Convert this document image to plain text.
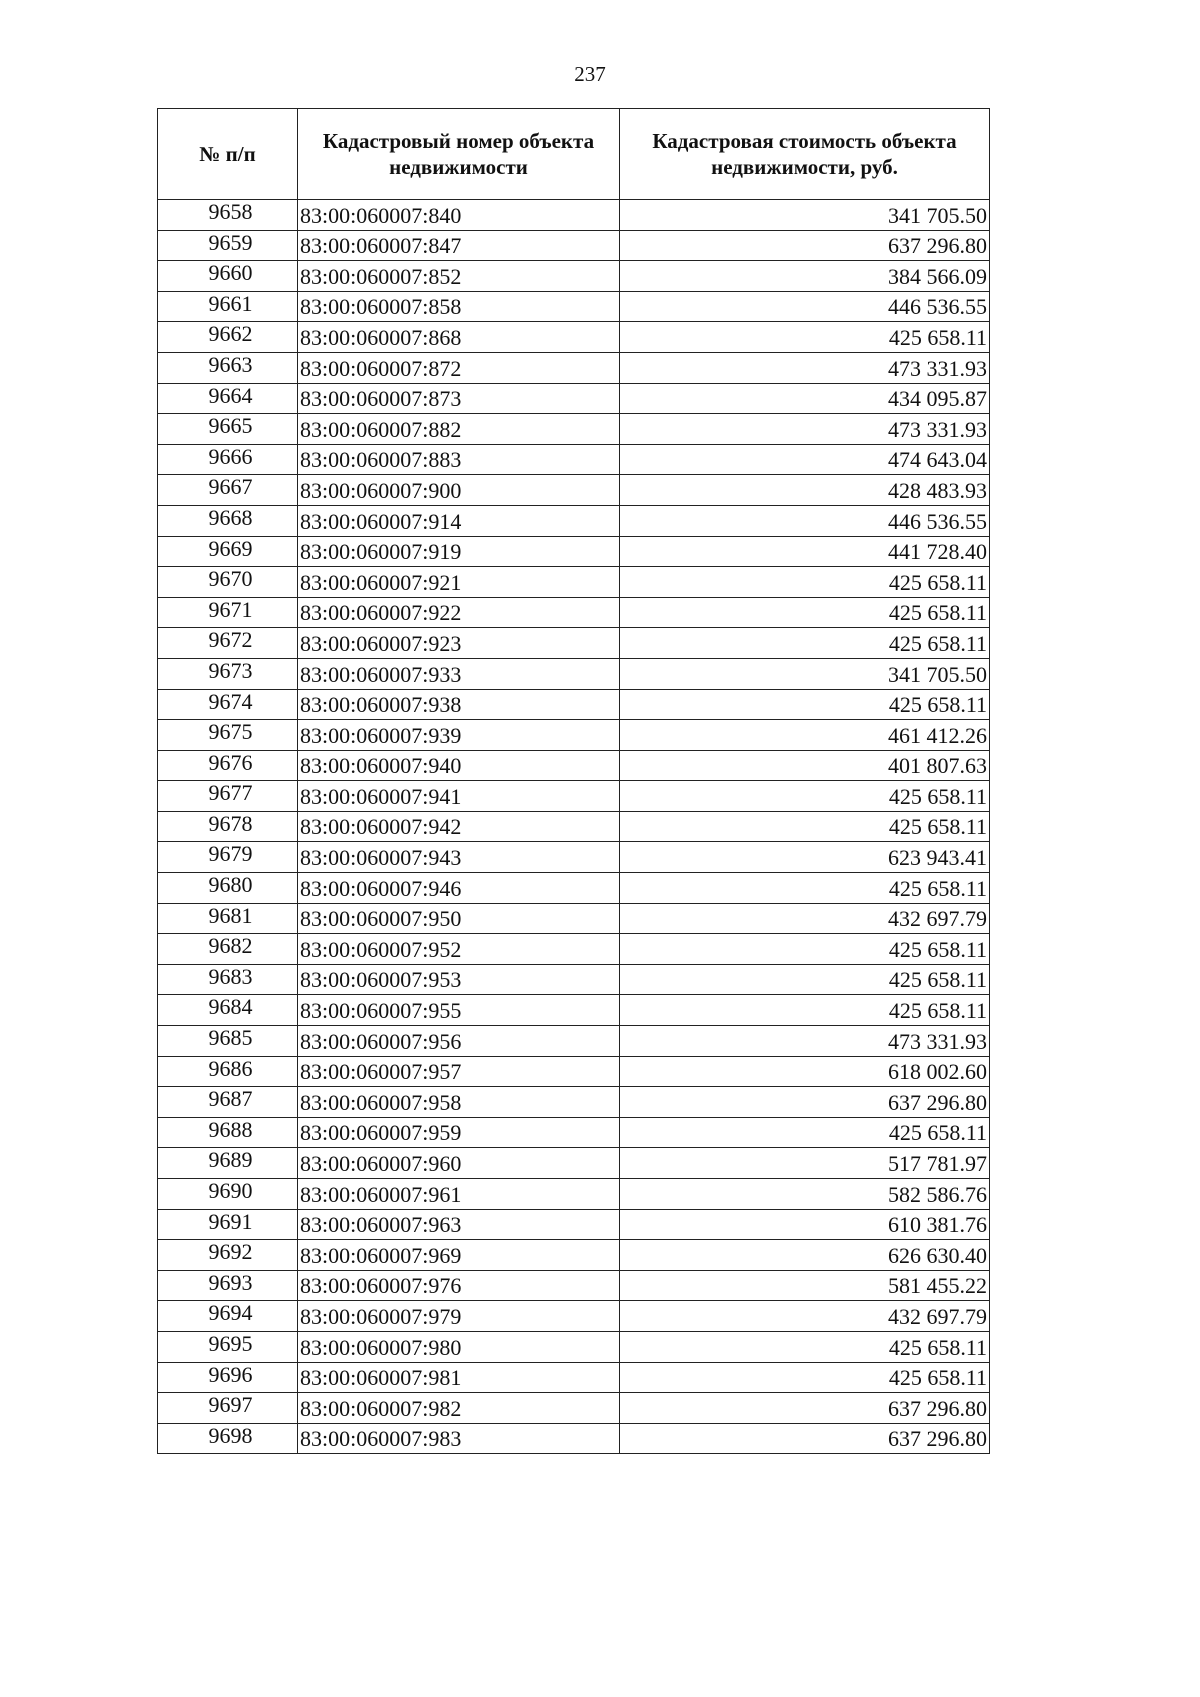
237
№ п/п	Кадастровый номер объекта недвижимости	Кадастровая стоимость объекта недвижимости, руб.
9658	83:00:060007:840	341 705.50
9659	83:00:060007:847	637 296.80
9660	83:00:060007:852	384 566.09
9661	83:00:060007:858	446 536.55
9662	83:00:060007:868	425 658.11
9663	83:00:060007:872	473 331.93
9664	83:00:060007:873	434 095.87
9665	83:00:060007:882	473 331.93
9666	83:00:060007:883	474 643.04
9667	83:00:060007:900	428 483.93
9668	83:00:060007:914	446 536.55
9669	83:00:060007:919	441 728.40
9670	83:00:060007:921	425 658.11
9671	83:00:060007:922	425 658.11
9672	83:00:060007:923	425 658.11
9673	83:00:060007:933	341 705.50
9674	83:00:060007:938	425 658.11
9675	83:00:060007:939	461 412.26
9676	83:00:060007:940	401 807.63
9677	83:00:060007:941	425 658.11
9678	83:00:060007:942	425 658.11
9679	83:00:060007:943	623 943.41
9680	83:00:060007:946	425 658.11
9681	83:00:060007:950	432 697.79
9682	83:00:060007:952	425 658.11
9683	83:00:060007:953	425 658.11
9684	83:00:060007:955	425 658.11
9685	83:00:060007:956	473 331.93
9686	83:00:060007:957	618 002.60
9687	83:00:060007:958	637 296.80
9688	83:00:060007:959	425 658.11
9689	83:00:060007:960	517 781.97
9690	83:00:060007:961	582 586.76
9691	83:00:060007:963	610 381.76
9692	83:00:060007:969	626 630.40
9693	83:00:060007:976	581 455.22
9694	83:00:060007:979	432 697.79
9695	83:00:060007:980	425 658.11
9696	83:00:060007:981	425 658.11
9697	83:00:060007:982	637 296.80
9698	83:00:060007:983	637 296.80
